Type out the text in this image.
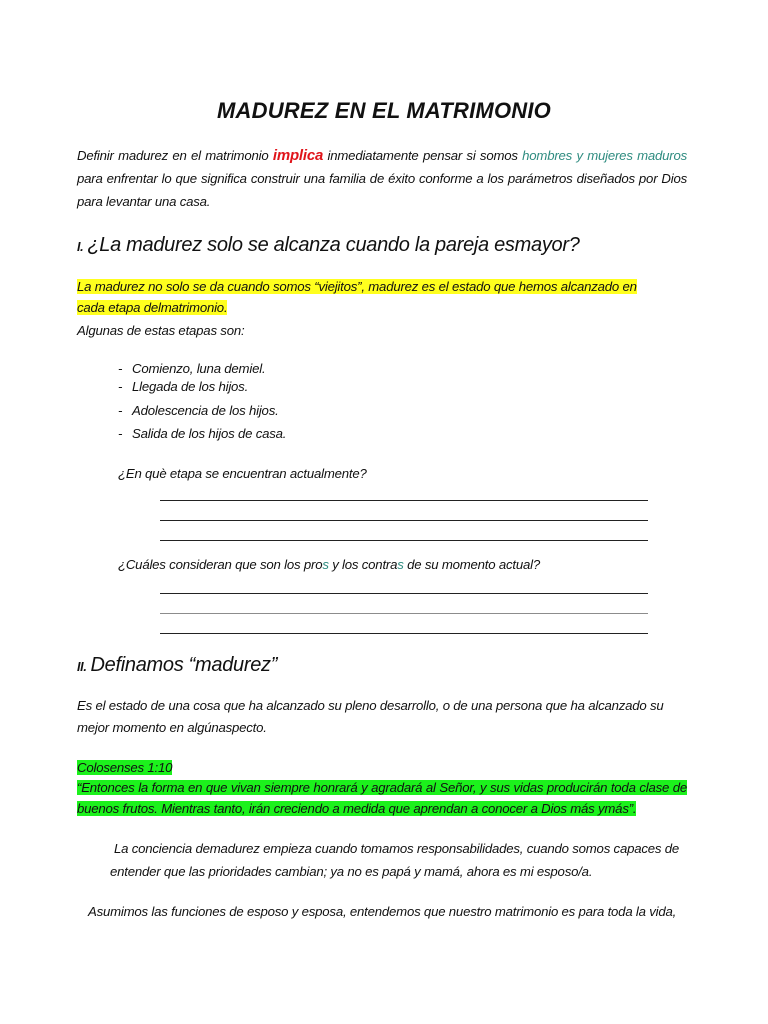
MADUREZ EN EL MATRIMONIO
Definir madurez en el matrimonio implica inmediatamente pensar si somos hombres y mujeres maduros para enfrentar lo que significa construir una familia de éxito conforme a los parámetros diseñados por Dios para levantar una casa.
I. ¿La madurez solo se alcanza cuando la pareja esmayor?
La madurez no solo se da cuando somos “viejitos”, madurez es el estado que hemos alcanzado en cada etapa delmatrimonio.
Algunas de estas etapas son:
- Comienzo, luna demiel.
- Llegada de los hijos.
- Adolescencia de los hijos.
- Salida de los hijos de casa.
¿En què etapa se encuentran actualmente?
¿Cuáles consideran que son los pros y los contras de su momento actual?
II. Definamos “madurez”
Es el estado de una cosa que ha alcanzado su pleno desarrollo, o de una persona que ha alcanzado su mejor momento en algúnaspecto.
Colosenses 1:10
“Entonces la forma en que vivan siempre honrará y agradará al Señor, y sus vidas producirán toda clase de buenos frutos. Mientras tanto, irán creciendo a medida que aprendan a conocer a Dios más ymás”.
La conciencia demadurez empieza cuando tomamos responsabilidades, cuando somos capaces de entender que las prioridades cambian; ya no es papá y mamá, ahora es mi esposo/a.
Asumimos las funciones de esposo y esposa, entendemos que nuestro matrimonio es para toda la vida,
